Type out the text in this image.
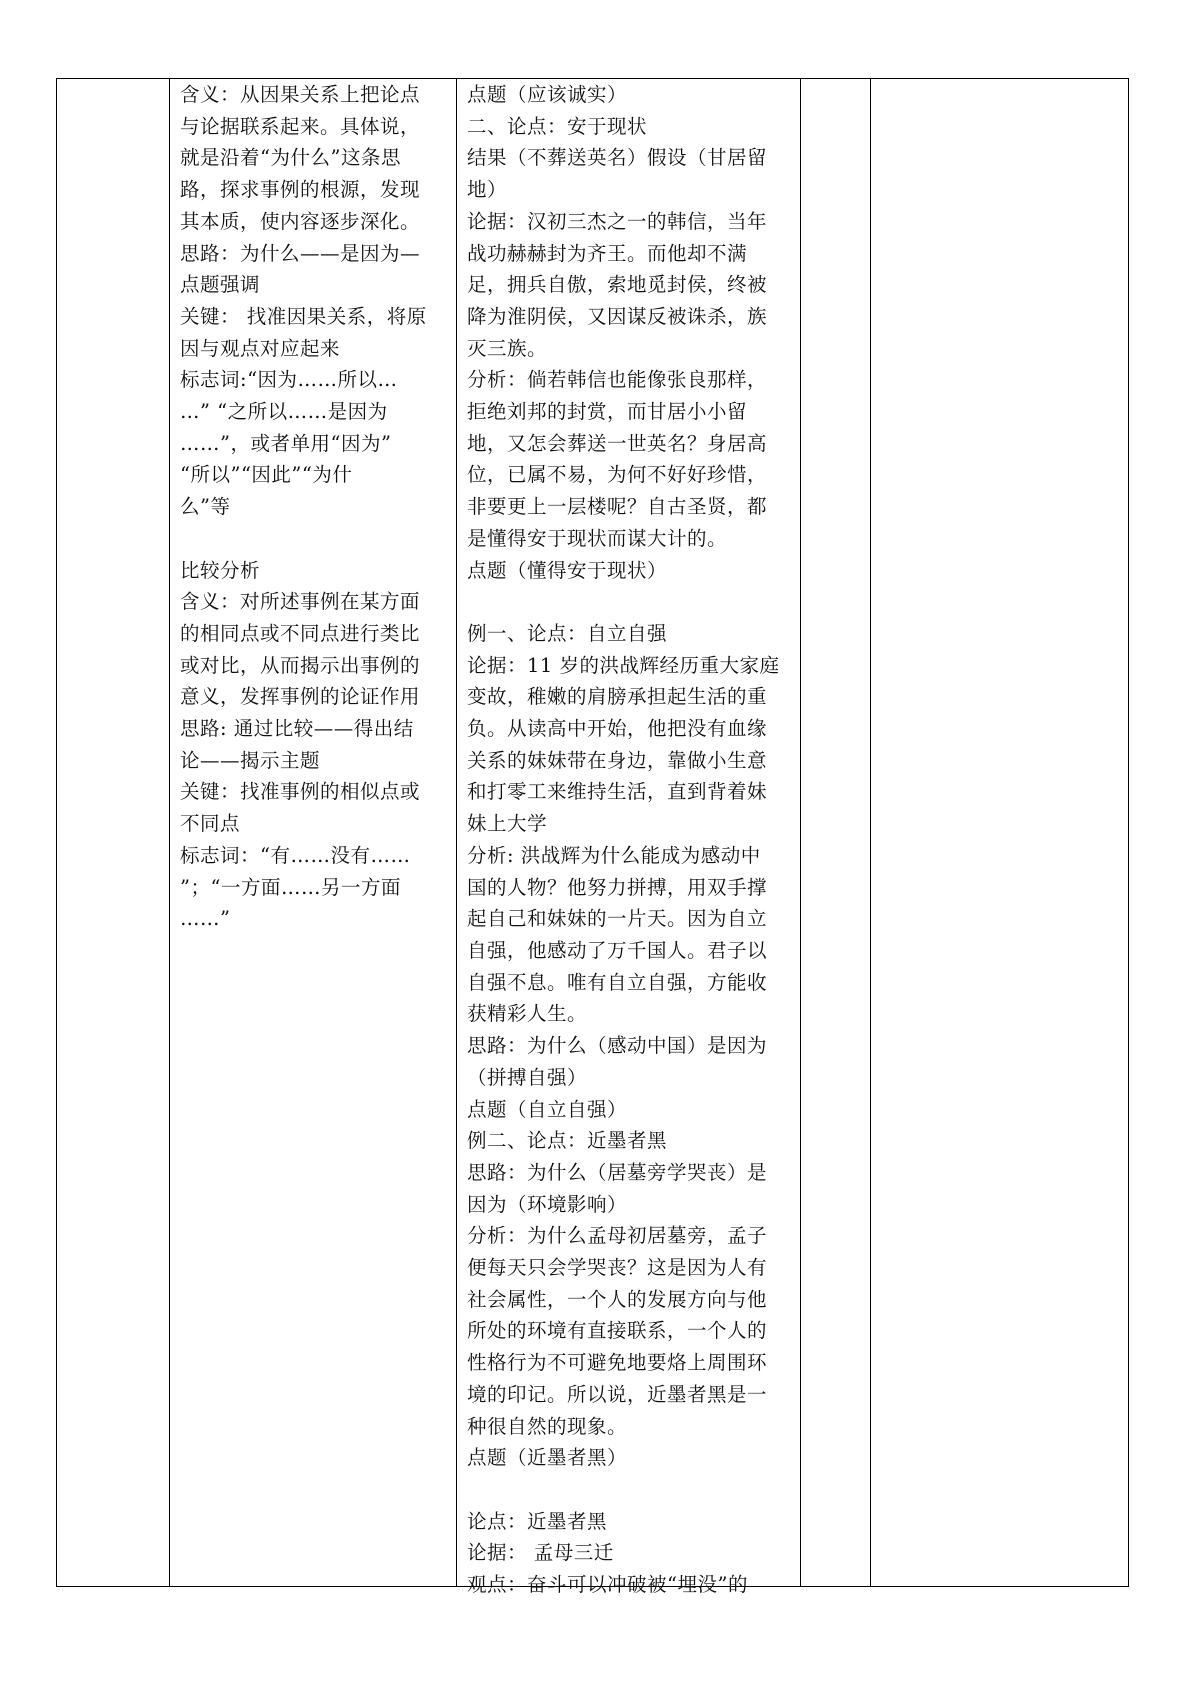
含义：从因果关系上把论点
与论据联系起来。具体说，
就是沿着“为什么”这条思
路，探求事例的根源，发现
其本质，使内容逐步深化。
思路：为什么——是因为—
点题强调
关键： 找准因果关系，将原
因与观点对应起来
标志词:“因为……所以…
…” “之所以……是因为
……”，或者单用“因为”
“所以”“因此”“为什
么”等

比较分析
含义：对所述事例在某方面
的相同点或不同点进行类比
或对比，从而揭示出事例的
意义，发挥事例的论证作用
思路: 通过比较——得出结
论——揭示主题
关键：找准事例的相似点或
不同点
标志词：“有……没有……
”；“一方面……另一方面
……”
点题（应该诚实）
二、论点：安于现状
结果（不葬送英名）假设（甘居留
地）
论据：汉初三杰之一的韩信，当年
战功赫赫封为齐王。而他却不满
足，拥兵自傲，索地觅封侯，终被
降为淮阴侯，又因谋反被诛杀，族
灭三族。
分析：倘若韩信也能像张良那样，
拒绝刘邦的封赏，而甘居小小留
地，又怎会葬送一世英名？身居高
位，已属不易，为何不好好珍惜，
非要更上一层楼呢？自古圣贤，都
是懂得安于现状而谋大计的。
点题（懂得安于现状）

例一、论点：自立自强
论据：11 岁的洪战辉经历重大家庭
变故，稚嫩的肩膀承担起生活的重
负。从读高中开始，他把没有血缘
关系的妹妹带在身边，靠做小生意
和打零工来维持生活，直到背着妹
妹上大学
分析: 洪战辉为什么能成为感动中
国的人物？他努力拼搏，用双手撑
起自己和妹妹的一片天。因为自立
自强，他感动了万千国人。君子以
自强不息。唯有自立自强，方能收
获精彩人生。
思路：为什么（感动中国）是因为
（拼搏自强）
点题（自立自强）
例二、论点：近墨者黑
思路：为什么（居墓旁学哭丧）是
因为（环境影响）
分析：为什么孟母初居墓旁，孟子
便每天只会学哭丧？这是因为人有
社会属性，一个人的发展方向与他
所处的环境有直接联系，一个人的
性格行为不可避免地要烙上周围环
境的印记。所以说，近墨者黑是一
种很自然的现象。
点题（近墨者黑）

论点：近墨者黑
论据： 孟母三迁
观点：奋斗可以冲破被“埋没”的
